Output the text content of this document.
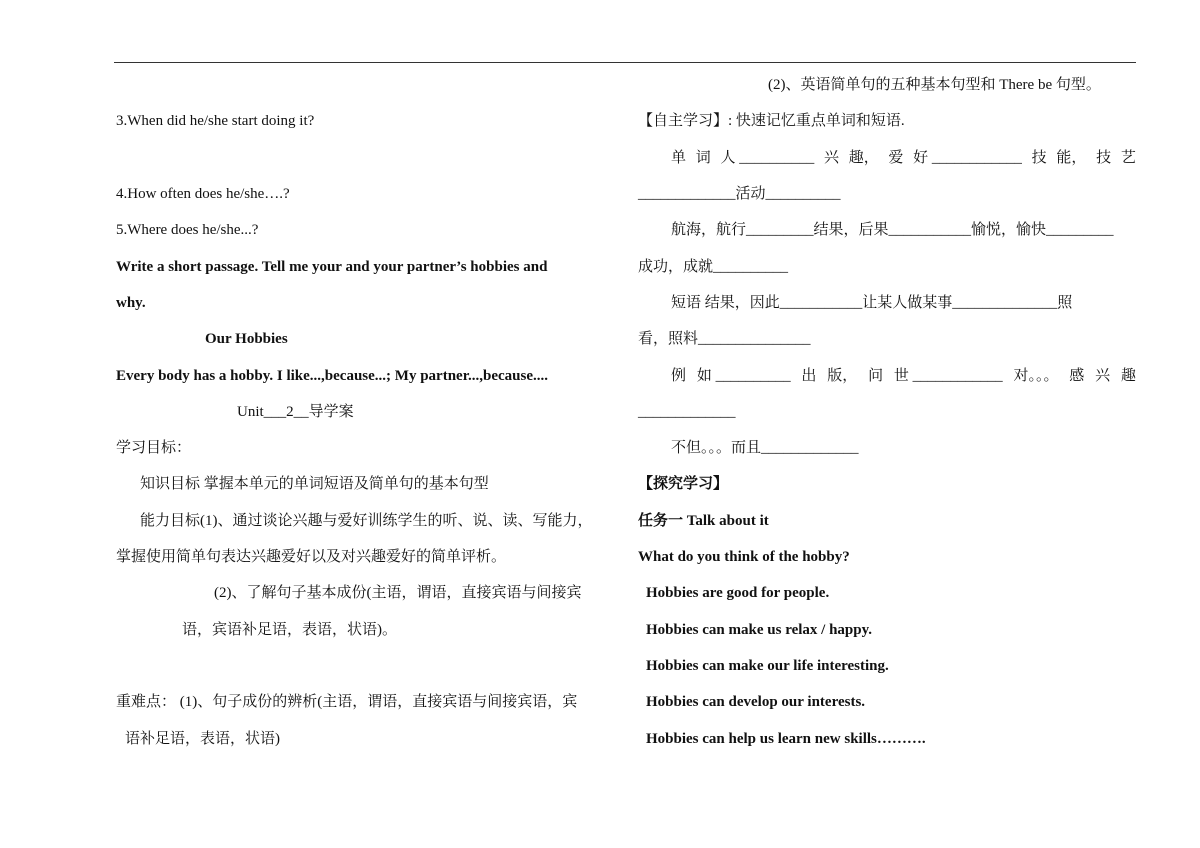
3.When did he/she start doing it?
4.How often does he/she….?
5.Where does he/she...?
Write a short passage. Tell me your and your partner’s hobbies and
why.
Our Hobbies
Every body has a hobby. I like...,because...; My partner...,because....
Unit___2__导学案
学习目标：
知识目标 掌握本单元的单词短语及简单句的基本句型
能力目标(1)、通过谈论兴趣与爱好训练学生的听、说、读、写能力，
掌握使用简单句表达兴趣爱好以及对兴趣爱好的简单评析。
(2)、了解句子基本成份(主语，谓语，直接宾语与间接宾
语，宾语补足语，表语，状语)。
重难点： (1)、句子成份的辨析(主语，谓语，直接宾语与间接宾语，宾
语补足语，表语，状语)
(2)、英语简单句的五种基本句型和 There be 句型。
【自主学习】: 快速记忆重点单词和短语.
单 词 人 __________ 兴 趣， 爱 好 ____________ 技 能， 技 艺
_____________活动__________
航海，航行_________结果，后果___________愉悦，愉快_________
成功，成就__________
短语 结果，因此___________让某人做某事______________照
看，照料_______________
例 如 __________ 出 版， 问 世 ____________ 对。。。 感 兴 趣
_____________
不但。。。而且_____________
【探究学习】
任务一 Talk about it
What do you think of the hobby?
Hobbies are good for people.
Hobbies can make us relax / happy.
Hobbies can make our life interesting.
Hobbies can develop our interests.
Hobbies can help us learn new skills……….
